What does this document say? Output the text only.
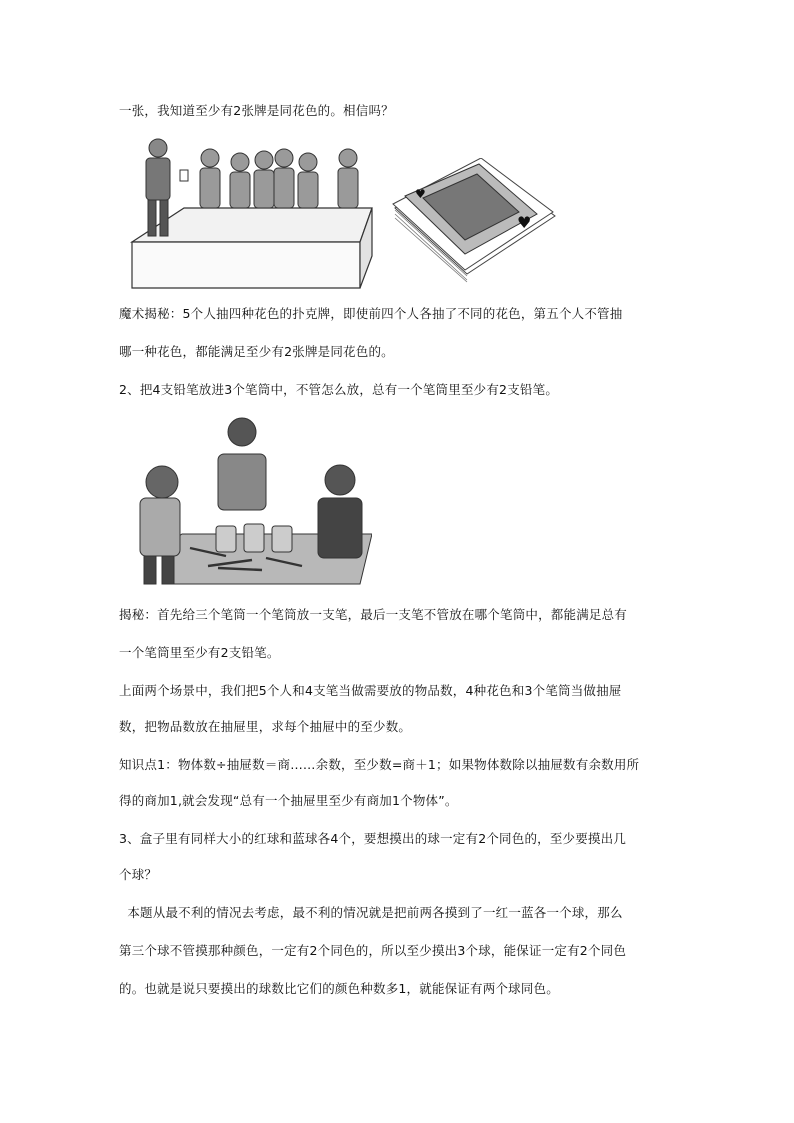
一张，我知道至少有2张牌是同花色的。相信吗？
♥
♥
魔术揭秘：5个人抽四种花色的扑克牌，即使前四个人各抽了不同的花色，第五个人不管抽
哪一种花色，都能满足至少有2张牌是同花色的。
2、把4支铅笔放进3个笔筒中，不管怎么放，总有一个笔筒里至少有2支铅笔。
揭秘：首先给三个笔筒一个笔筒放一支笔，最后一支笔不管放在哪个笔筒中，都能满足总有
一个笔筒里至少有2支铅笔。
上面两个场景中，我们把5个人和4支笔当做需要放的物品数，4种花色和3个笔筒当做抽屉
数，把物品数放在抽屉里，求每个抽屉中的至少数。
知识点1：物体数÷抽屉数＝商……余数，至少数=商＋1；如果物体数除以抽屉数有余数用所
得的商加1,就会发现“总有一个抽屉里至少有商加1个物体”。
3、盒子里有同样大小的红球和蓝球各4个，要想摸出的球一定有2个同色的，至少要摸出几
个球？
本题从最不利的情况去考虑，最不利的情况就是把前两各摸到了一红一蓝各一个球，那么
第三个球不管摸那种颜色，一定有2个同色的，所以至少摸出3个球，能保证一定有2个同色
的。也就是说只要摸出的球数比它们的颜色种数多1，就能保证有两个球同色。
